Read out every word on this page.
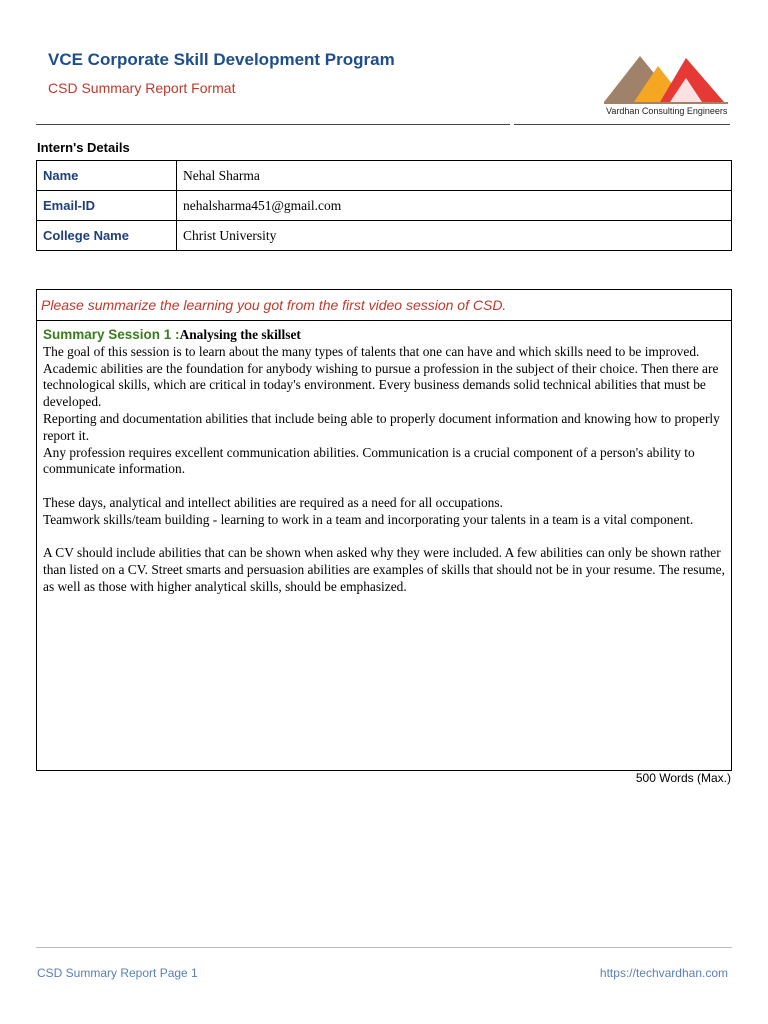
VCE Corporate Skill Development Program
CSD Summary Report Format
Vardhan Consulting Engineers
Intern's Details
Name	Nehal Sharma
Email-ID	nehalsharma451@gmail.com
College Name	Christ University
Please summarize the learning you got from the first video session of CSD.

Summary Session 1 :Analysing the skillset

The goal of this session is to learn about the many types of talents that one can have and which skills need to be improved. Academic abilities are the foundation for anybody wishing to pursue a profession in the subject of their choice. Then there are technological skills, which are critical in today's environment. Every business demands solid technical abilities that must be developed.

Reporting and documentation abilities that include being able to properly document information and knowing how to properly report it.

Any profession requires excellent communication abilities. Communication is a crucial component of a person's ability to communicate information.

These days, analytical and intellect abilities are required as a need for all occupations.

Teamwork skills/team building - learning to work in a team and incorporating your talents in a team is a vital component.

A CV should include abilities that can be shown when asked why they were included. A few abilities can only be shown rather than listed on a CV. Street smarts and persuasion abilities are examples of skills that should not be in your resume. The resume, as well as those with higher analytical skills, should be emphasized.

500 Words (Max.)
CSD Summary Report Page 1	https://techvardhan.com
